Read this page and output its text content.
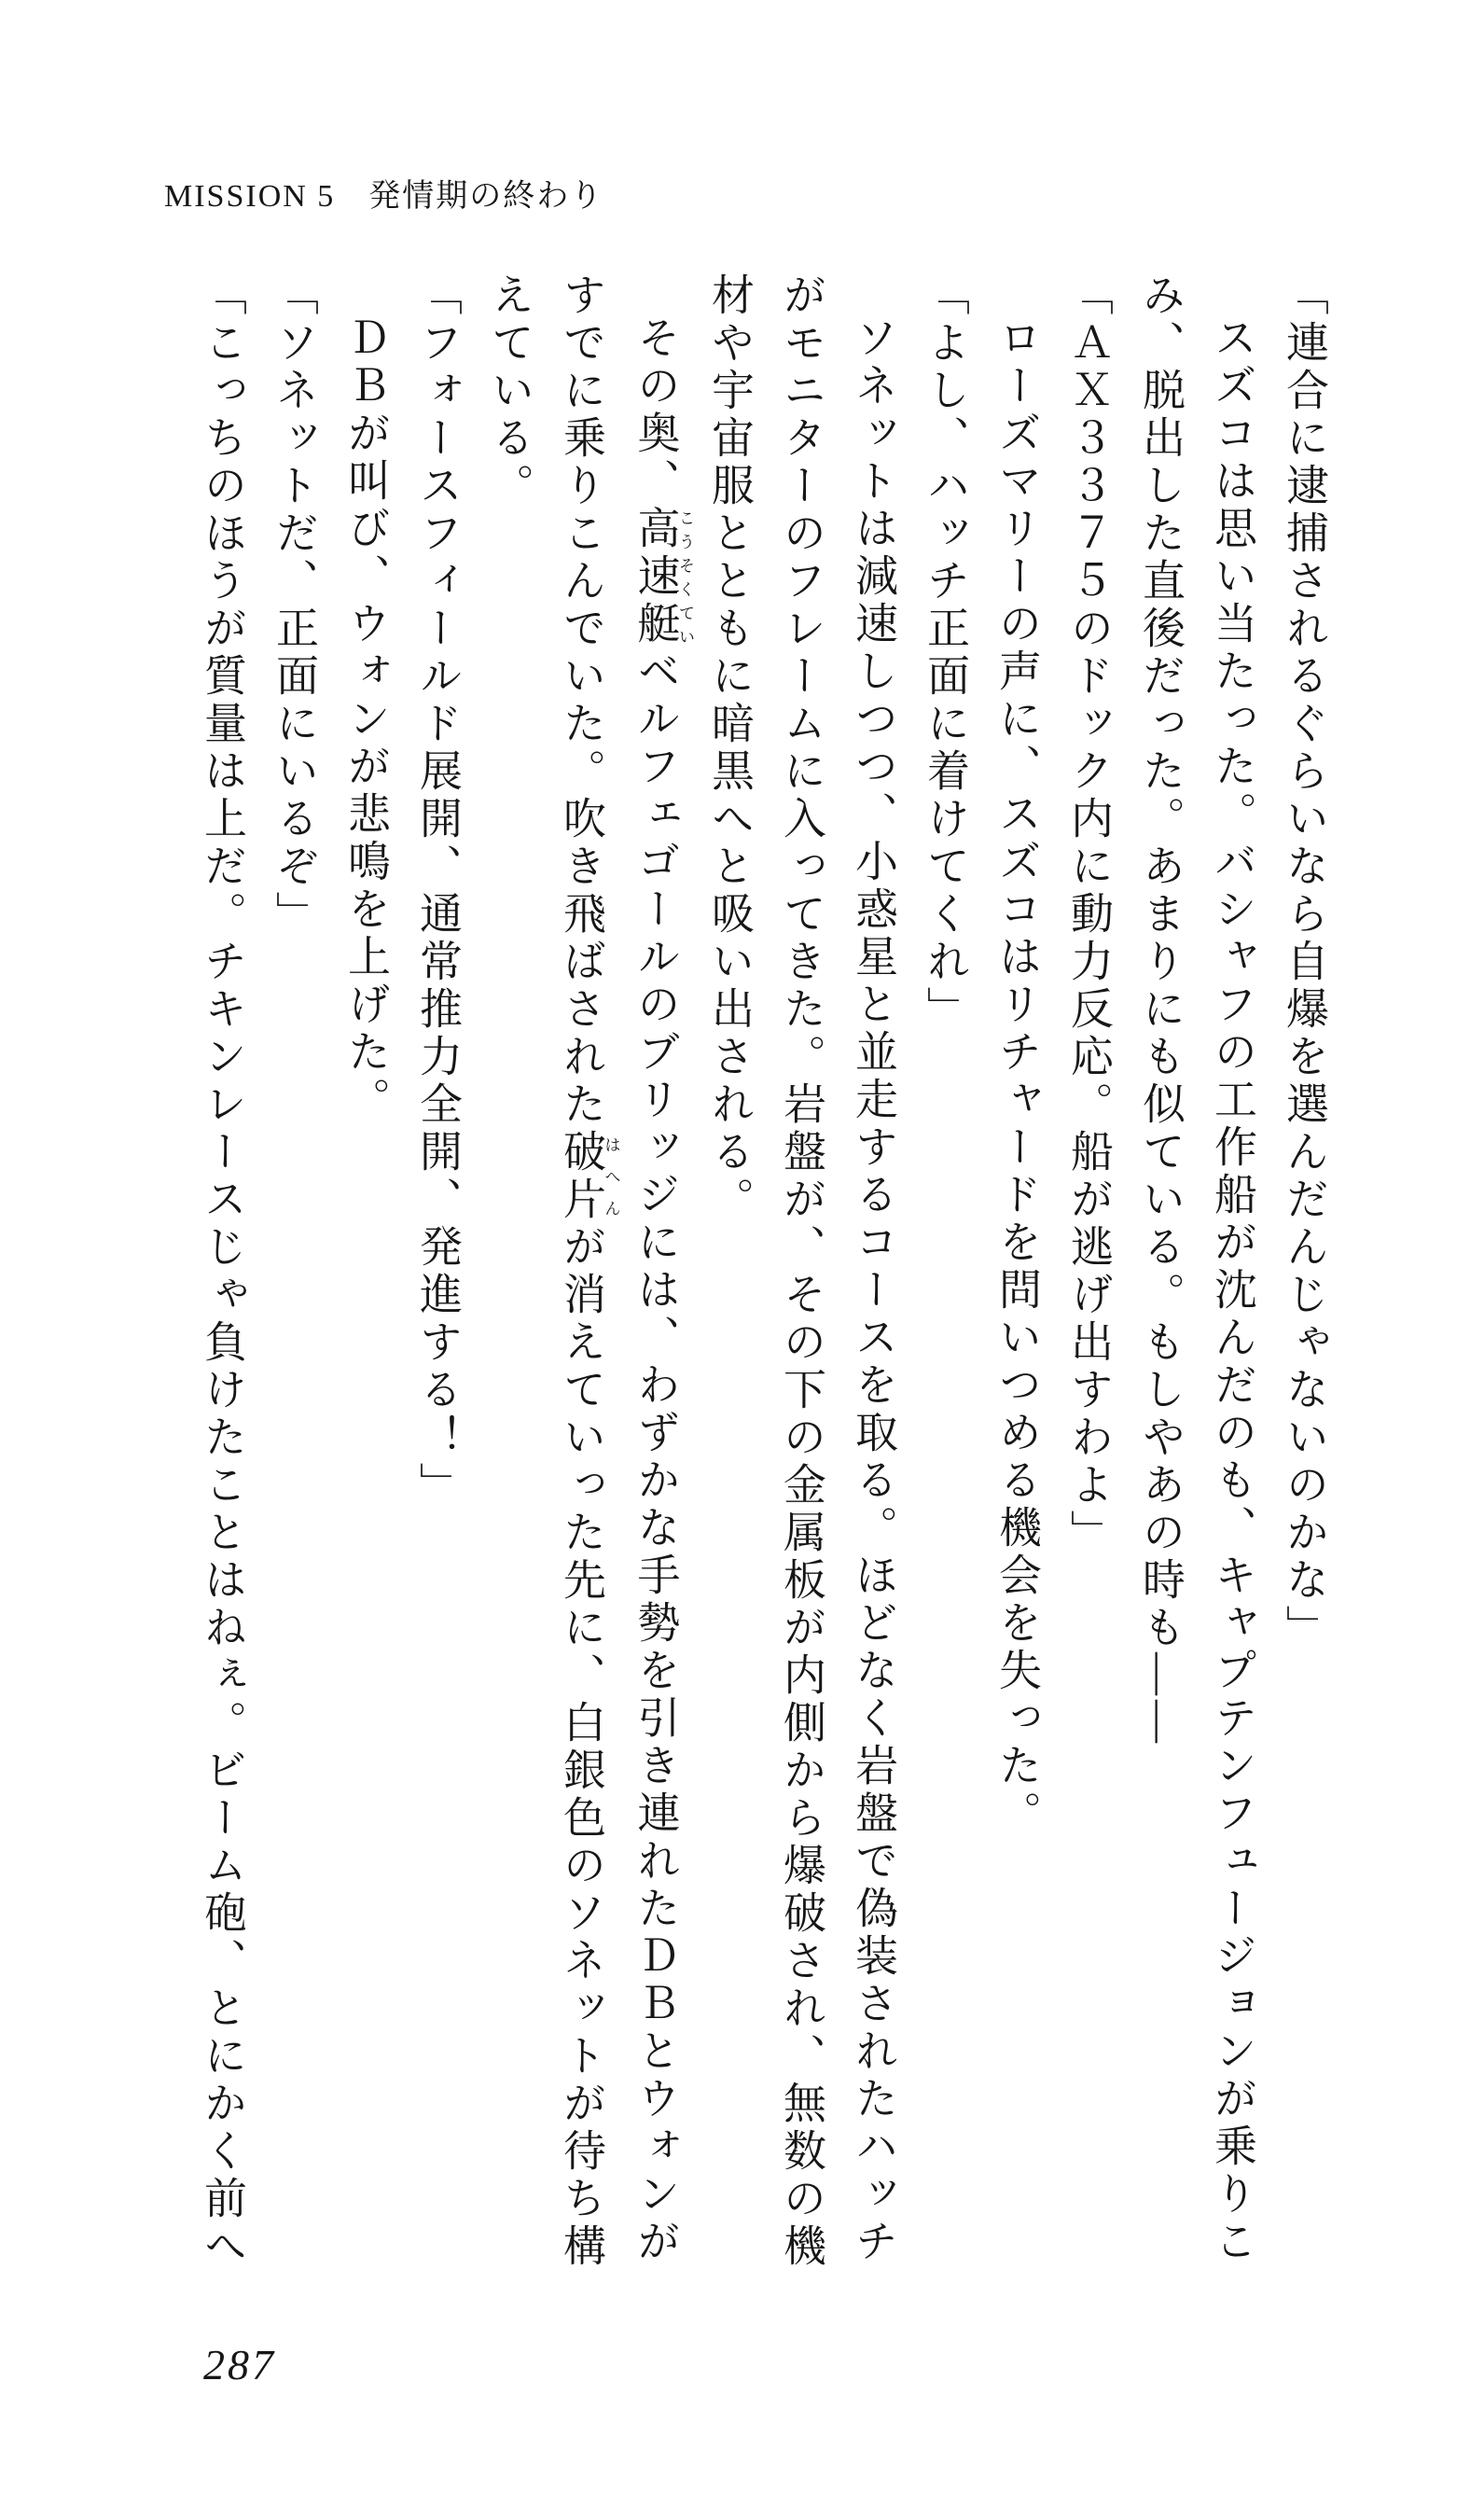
MISSION 5　発情期の終わり

「連合に逮捕されるぐらいなら自爆を選んだんじゃないのかな」

スズコは思い当たった。バシャフの工作船が沈んだのも、キャプテンフュージョンが乗りこ

み、脱出した直後だった。あまりにも似ている。もしやあの時も――

「ＡＸ３３７５のドック内に動力反応。船が逃げ出すわよ」

ローズマリーの声に、スズコはリチャードを問いつめる機会を失った。

「よし、ハッチ正面に着けてくれ」

ソネットは減速しつつ、小惑星と並走するコースを取る。ほどなく岩盤で偽装されたハッチ

がモニターのフレームに入ってきた。岩盤が、その下の金属板が内側から爆破され、無数の機

材や宇宙服とともに暗黒へと吸い出される。

その奥、高速艇こうそくていベルフェゴールのブリッジには、わずかな手勢を引き連れたＤＢとウォンが

すでに乗りこんでいた。吹き飛ばされた破片はへんが消えていった先に、白銀色のソネットが待ち構

えている。

「フォースフィールド展開、通常推力全開、発進する！」

ＤＢが叫び、ウォンが悲鳴を上げた。

「ソネットだ、正面にいるぞ」

「こっちのほうが質量は上だ。チキンレースじゃ負けたことはねぇ。ビーム砲、とにかく前へ

287
